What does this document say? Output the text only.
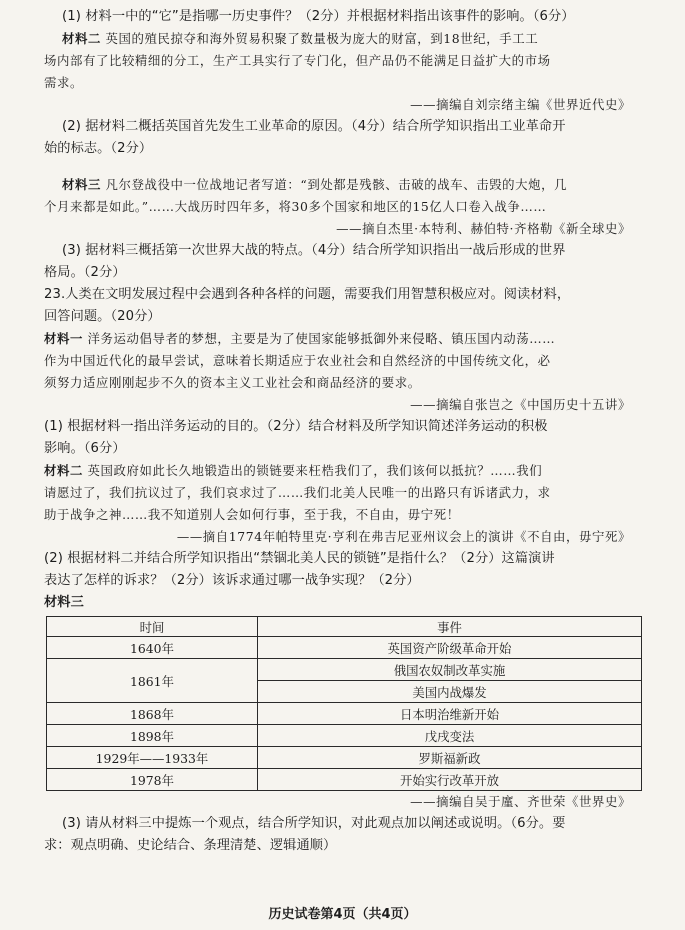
(1) 材料一中的“它”是指哪一历史事件？（2分）并根据材料指出该事件的影响。（6分）
材料二 英国的殖民掠夺和海外贸易积聚了数量极为庞大的财富，到18世纪，手工工
场内部有了比较精细的分工，生产工具实行了专门化，但产品仍不能满足日益扩大的市场
需求。
——摘编自刘宗绪主编《世界近代史》
(2) 据材料二概括英国首先发生工业革命的原因。（4分）结合所学知识指出工业革命开
始的标志。（2分）
材料三 凡尔登战役中一位战地记者写道：“到处都是残骸、击破的战车、击毁的大炮，几
个月来都是如此。”……大战历时四年多，将30多个国家和地区的15亿人口卷入战争……
——摘自杰里·本特利、赫伯特·齐格勒《新全球史》
(3) 据材料三概括第一次世界大战的特点。（4分）结合所学知识指出一战后形成的世界
格局。（2分）
23.人类在文明发展过程中会遇到各种各样的问题，需要我们用智慧积极应对。阅读材料，
回答问题。（20分）
材料一 洋务运动倡导者的梦想，主要是为了使国家能够抵御外来侵略、镇压国内动荡……
作为中国近代化的最早尝试，意味着长期适应于农业社会和自然经济的中国传统文化，必
须努力适应刚刚起步不久的资本主义工业社会和商品经济的要求。
——摘编自张岂之《中国历史十五讲》
(1) 根据材料一指出洋务运动的目的。（2分）结合材料及所学知识简述洋务运动的积极
影响。（6分）
材料二 英国政府如此长久地锻造出的锁链要来枉梏我们了，我们该何以抵抗？……我们
请愿过了，我们抗议过了，我们哀求过了……我们北美人民唯一的出路只有诉诸武力，求
助于战争之神……我不知道别人会如何行事，至于我，不自由，毋宁死！
——摘自1774年帕特里克·亨利在弗吉尼亚州议会上的演讲《不自由，毋宁死》
(2) 根据材料二并结合所学知识指出“禁锢北美人民的锁链”是指什么？（2分）这篇演讲
表达了怎样的诉求？（2分）该诉求通过哪一战争实现？（2分）
材料三
时间	事件
1640年	英国资产阶级革命开始
1861年	俄国农奴制改革实施
	美国内战爆发
1868年	日本明治维新开始
1898年	戊戌变法
1929年——1933年	罗斯福新政
1978年	开始实行改革开放
——摘编自吴于廑、齐世荣《世界史》
(3) 请从材料三中提炼一个观点，结合所学知识，对此观点加以阐述或说明。（6分。要
求：观点明确、史论结合、条理清楚、逻辑通顺）
历史试卷第4页（共4页）
